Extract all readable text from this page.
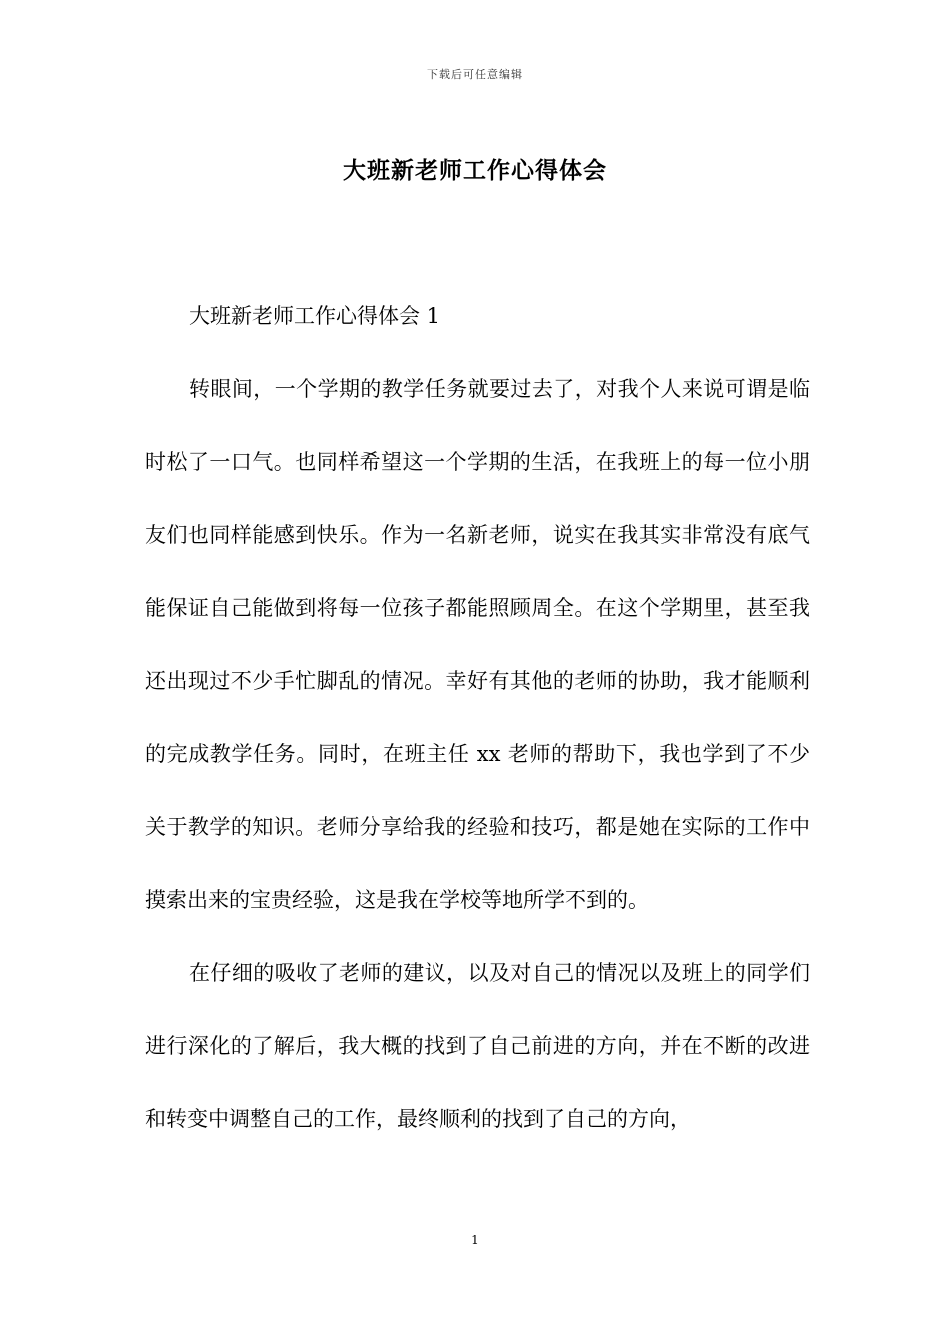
下载后可任意编辑
大班新老师工作心得体会

大班新老师工作心得体会 1

转眼间，一个学期的教学任务就要过去了，对我个人来说可谓是临时松了一口气。也同样希望这一个学期的生活，在我班上的每一位小朋友们也同样能感到快乐。作为一名新老师，说实在我其实非常没有底气能保证自己能做到将每一位孩子都能照顾周全。在这个学期里，甚至我还出现过不少手忙脚乱的情况。幸好有其他的老师的协助，我才能顺利的完成教学任务。同时，在班主任 xx 老师的帮助下，我也学到了不少关于教学的知识。老师分享给我的经验和技巧，都是她在实际的工作中摸索出来的宝贵经验，这是我在学校等地所学不到的。

在仔细的吸收了老师的建议，以及对自己的情况以及班上的同学们进行深化的了解后，我大概的找到了自己前进的方向，并在不断的改进和转变中调整自己的工作，最终顺利的找到了自己的方向，

1
